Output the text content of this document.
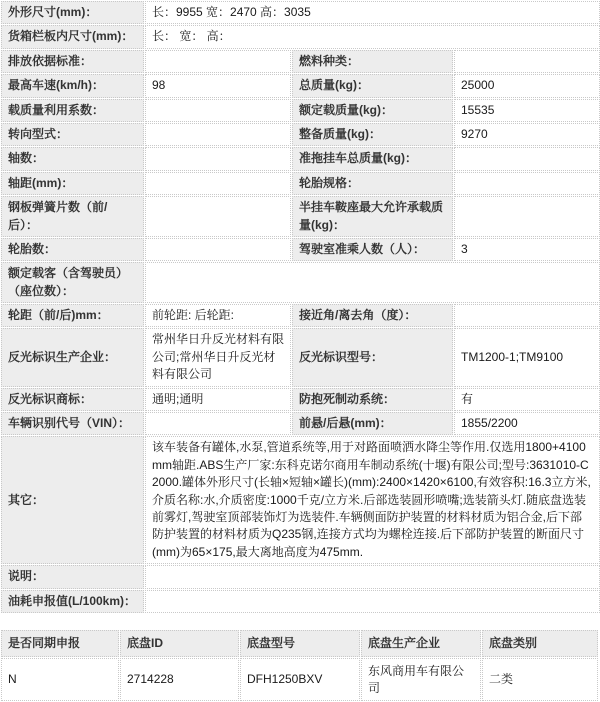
外形尺寸(mm)：	长：9955 宽：2470 高：3035		
货箱栏板内尺寸(mm)：	长： 宽： 高：		
排放依据标准：		燃料种类：	
最高车速(km/h)：	98	总质量(kg)：	25000
载质量利用系数：		额定载质量(kg)：	15535
转向型式：		整备质量(kg)：	9270
轴数：		准拖挂车总质量(kg)：	
轴距(mm)：		轮胎规格：	
钢板弹簧片数（前/后）：		半挂车鞍座最大允许承载质量(kg)：	
轮胎数：		驾驶室准乘人数（人）：	3
额定载客（含驾驶员）（座位数）：			
轮距（前/后)mm：	前轮距: 后轮距:	接近角/离去角（度）：	
反光标识生产企业：	常州华日升反光材料有限公司;常州华日升反光材料有限公司	反光标识型号：	TM1200-1;TM9100
反光标识商标：	通明;通明	防抱死制动系统：	有
车辆识别代号（VIN）：		前悬/后悬(mm)：	1855/2200
其它：	该车装备有罐体,水泵,管道系统等,用于对路面喷洒水降尘等作用.仅选用1800+4100mm轴距.ABS生产厂家:东科克诺尔商用车制动系统(十堰)有限公司;型号:3631010-C2000.罐体外形尺寸(长轴×短轴×罐长)(mm):2400×1420×6100,有效容积:16.3立方米,介质名称:水,介质密度:1000千克/立方米.后部选装圆形喷嘴;选装箭头灯.随底盘选装前雾灯,驾驶室顶部装饰灯为选装件.车辆侧面防护装置的材料材质为铝合金,后下部防护装置的材料材质为Q235钢,连接方式均为螺栓连接.后下部防护装置的断面尺寸(mm)为65×175,最大离地高度为475mm.		
说明：			
油耗申报值(L/100km)：			
是否同期申报	底盘ID	底盘型号	底盘生产企业	底盘类别
N	2714228	DFH1250BXV	东风商用车有限公司	二类
